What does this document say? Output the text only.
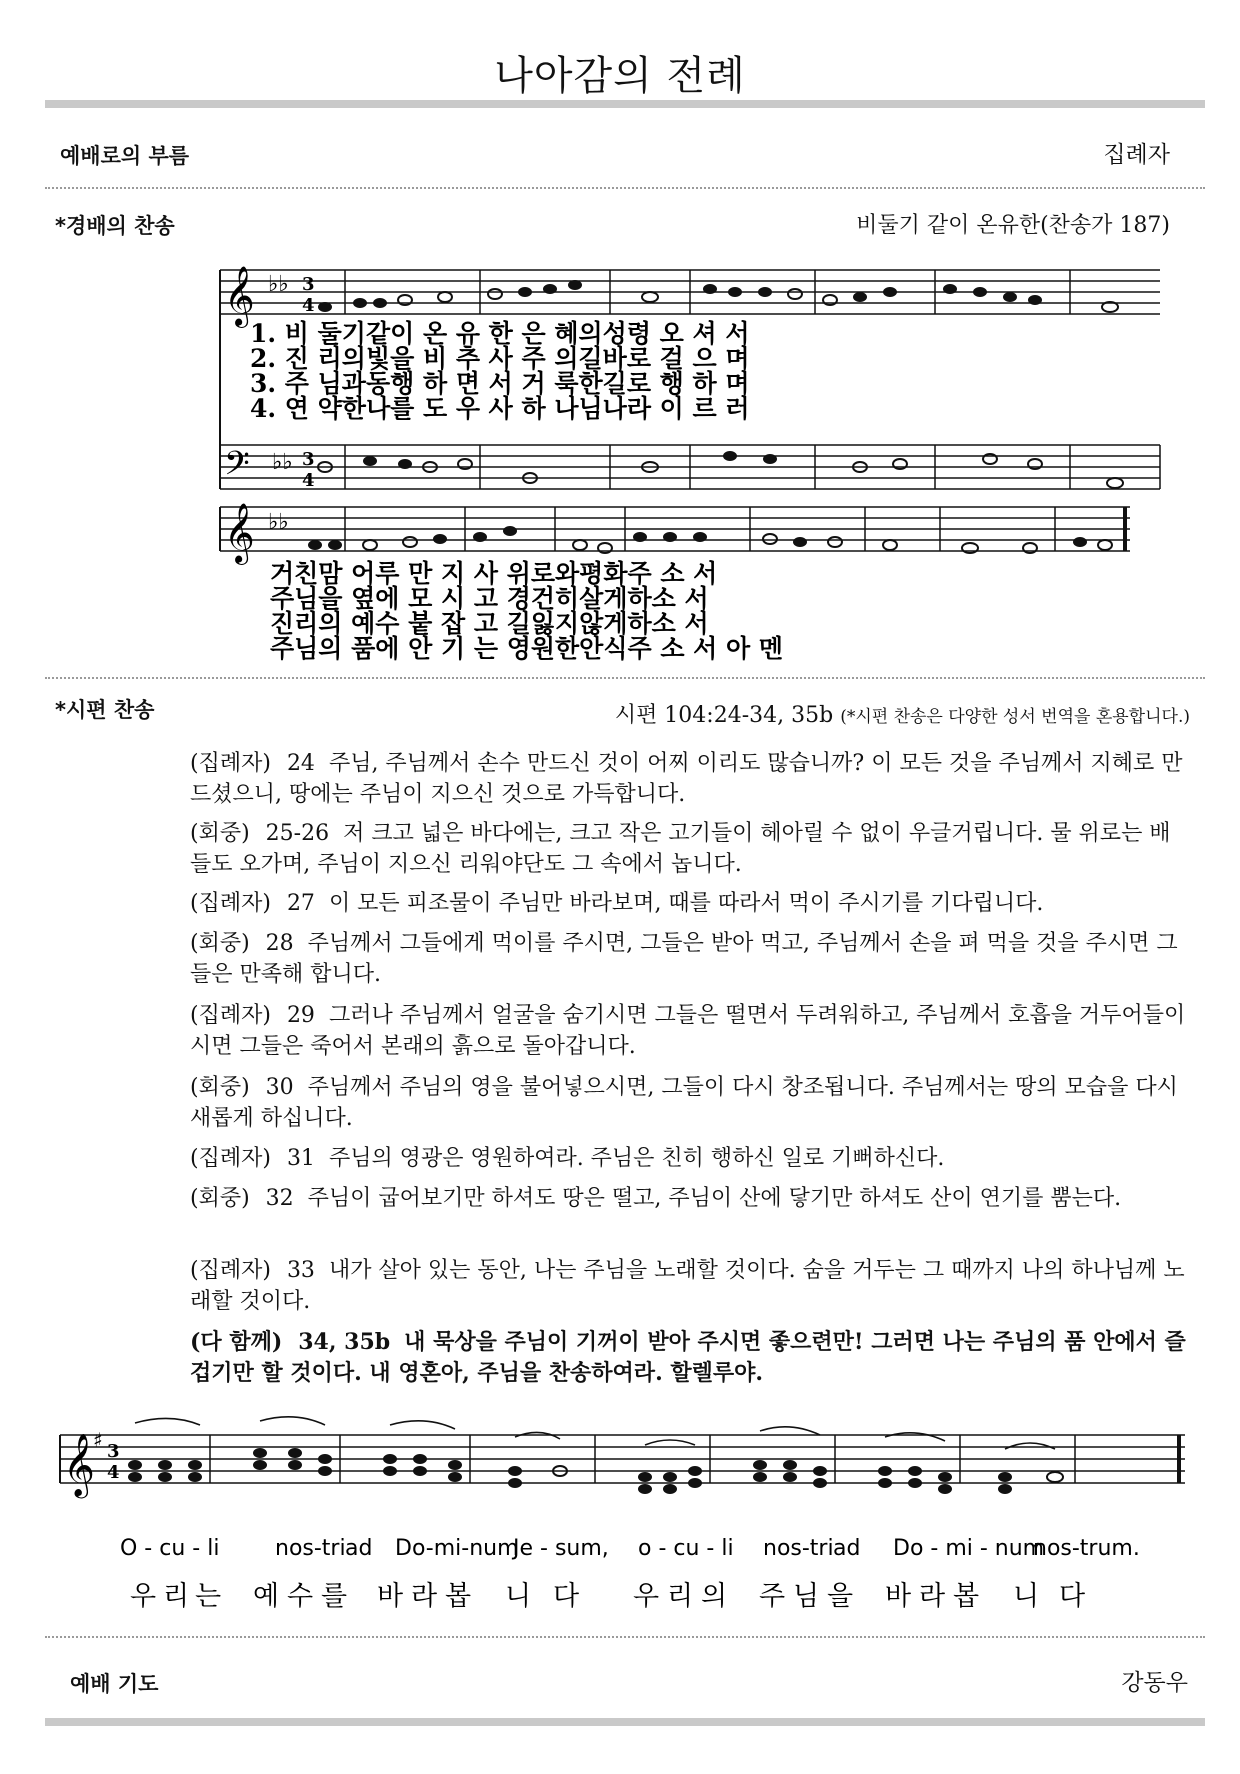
나아감의 전례
예배로의 부름	집례자
*경배의 찬송	비둘기 같이 온유한(찬송가 187)
𝄞
𝄢
♭♭
♭♭
3
4
3
4
1. 비 둘기같이 온 유 한 은 혜의성령 오 셔 서
2. 진 리의빛을 비 추 사 주 의길바로 걸 으 며
3. 주 님과동행 하 면 서 거 룩한길로 행 하 며
4. 연 약한나를 도 우 사 하 나님나라 이 르 러
𝄞 ♭♭
거친맘 어루 만 지 사 위로와평화주 소 서
주님을 옆에 모 시 고 경건히살게하소 서
진리의 예수 붙 잡 고 길잃지않게하소 서
주님의 품에 안 기 는 영원한안식주 소 서 아 멘
*시편 찬송	시편 104:24-34, 35b (*시편 찬송은 다양한 성서 번역을 혼용합니다.)
(집례자) 24 주님, 주님께서 손수 만드신 것이 어찌 이리도 많습니까? 이 모든 것을 주님께서 지혜로 만드셨으니, 땅에는 주님이 지으신 것으로 가득합니다.
(회중) 25-26 저 크고 넓은 바다에는, 크고 작은 고기들이 헤아릴 수 없이 우글거립니다. 물 위로는 배들도 오가며, 주님이 지으신 리워야단도 그 속에서 놉니다.
(집례자) 27 이 모든 피조물이 주님만 바라보며, 때를 따라서 먹이 주시기를 기다립니다.
(회중) 28 주님께서 그들에게 먹이를 주시면, 그들은 받아 먹고, 주님께서 손을 펴 먹을 것을 주시면 그들은 만족해 합니다.
(집례자) 29 그러나 주님께서 얼굴을 숨기시면 그들은 떨면서 두려워하고, 주님께서 호흡을 거두어들이시면 그들은 죽어서 본래의 흙으로 돌아갑니다.
(회중) 30 주님께서 주님의 영을 불어넣으시면, 그들이 다시 창조됩니다. 주님께서는 땅의 모습을 다시 새롭게 하십니다.
(집례자) 31 주님의 영광은 영원하여라. 주님은 친히 행하신 일로 기뻐하신다.
(회중) 32 주님이 굽어보기만 하셔도 땅은 떨고, 주님이 산에 닿기만 하셔도 산이 연기를 뿜는다.
(집례자) 33 내가 살아 있는 동안, 나는 주님을 노래할 것이다. 숨을 거두는 그 때까지 나의 하나님께 노래할 것이다.
(다 함께) 34, 35b 내 묵상을 주님이 기꺼이 받아 주시면 좋으련만! 그러면 나는 주님의 품 안에서 즐겁기만 할 것이다. 내 영혼아, 주님을 찬송하여라. 할렐루야.
𝄞
♯ 3
4
O - cu - li	nos-tri ad Do-mi-num
Je - sum, o - cu - li nos-tri ad Do - mi - num
nos-trum.
우 리 는 예 수 를 바 라 봅 니 다 우 리 의 주 님 을 바 라 봅 니 다
예배 기도	강동우
